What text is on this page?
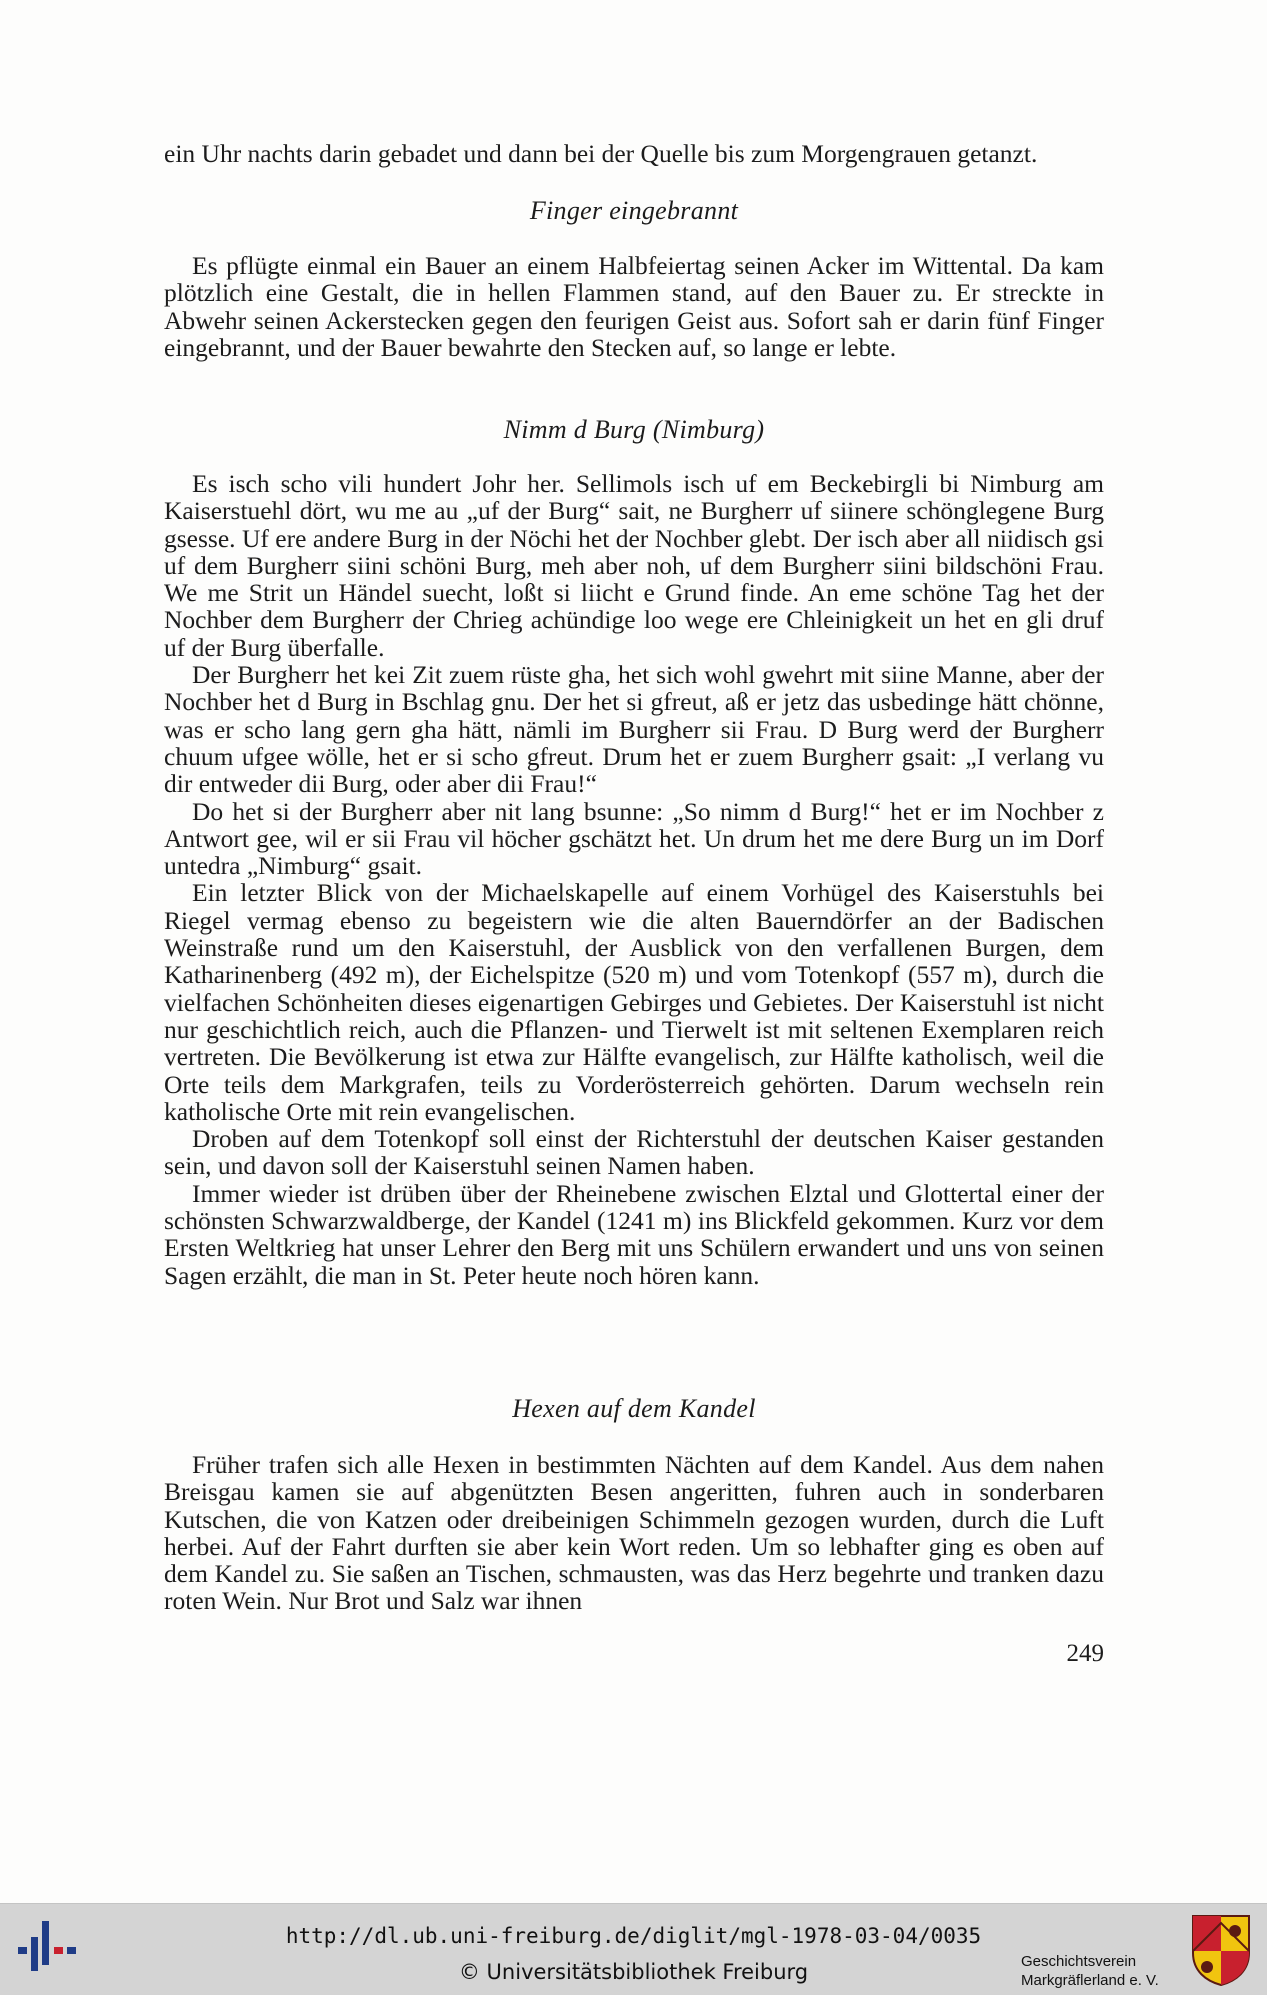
ein Uhr nachts darin gebadet und dann bei der Quelle bis zum Morgengrauen getanzt.

Finger eingebrannt

Es pflügte einmal ein Bauer an einem Halbfeiertag seinen Acker im Wittental. Da kam plötzlich eine Gestalt, die in hellen Flammen stand, auf den Bauer zu. Er streckte in Abwehr seinen Ackerstecken gegen den feurigen Geist aus. Sofort sah er darin fünf Finger eingebrannt, und der Bauer bewahrte den Stecken auf, so lange er lebte.

Nimm d Burg (Nimburg)

Es isch scho vili hundert Johr her. Sellimols isch uf em Beckebirgli bi Nimburg am Kaiserstuehl dört, wu me au „uf der Burg“ sait, ne Burgherr uf siinere schönglegene Burg gsesse. Uf ere andere Burg in der Nöchi het der Nochber glebt. Der isch aber all niidisch gsi uf dem Burgherr siini schöni Burg, meh aber noh, uf dem Burgherr siini bildschöni Frau. We me Strit un Händel suecht, loßt si liicht e Grund finde. An eme schöne Tag het der Nochber dem Burgherr der Chrieg achündige loo wege ere Chleinigkeit un het en gli druf uf der Burg überfalle.

Der Burgherr het kei Zit zuem rüste gha, het sich wohl gwehrt mit siine Manne, aber der Nochber het d Burg in Bschlag gnu. Der het si gfreut, aß er jetz das usbedinge hätt chönne, was er scho lang gern gha hätt, nämli im Burgherr sii Frau. D Burg werd der Burgherr chuum ufgee wölle, het er si scho gfreut. Drum het er zuem Burgherr gsait: „I verlang vu dir entweder dii Burg, oder aber dii Frau!“

Do het si der Burgherr aber nit lang bsunne: „So nimm d Burg!“ het er im Nochber z Antwort gee, wil er sii Frau vil höcher gschätzt het. Un drum het me dere Burg un im Dorf untedra „Nimburg“ gsait.

Ein letzter Blick von der Michaelskapelle auf einem Vorhügel des Kaiserstuhls bei Riegel vermag ebenso zu begeistern wie die alten Bauerndörfer an der Badischen Weinstraße rund um den Kaiserstuhl, der Ausblick von den verfallenen Burgen, dem Katharinenberg (492 m), der Eichelspitze (520 m) und vom Totenkopf (557 m), durch die vielfachen Schönheiten dieses eigenartigen Gebirges und Gebietes. Der Kaiserstuhl ist nicht nur geschichtlich reich, auch die Pflanzen- und Tierwelt ist mit seltenen Exemplaren reich vertreten. Die Bevölkerung ist etwa zur Hälfte evangelisch, zur Hälfte katholisch, weil die Orte teils dem Markgrafen, teils zu Vorderösterreich gehörten. Darum wechseln rein katholische Orte mit rein evangelischen.

Droben auf dem Totenkopf soll einst der Richterstuhl der deutschen Kaiser gestanden sein, und davon soll der Kaiserstuhl seinen Namen haben.

Immer wieder ist drüben über der Rheinebene zwischen Elztal und Glottertal einer der schönsten Schwarzwaldberge, der Kandel (1241 m) ins Blickfeld gekommen. Kurz vor dem Ersten Weltkrieg hat unser Lehrer den Berg mit uns Schülern erwandert und uns von seinen Sagen erzählt, die man in St. Peter heute noch hören kann.

Hexen auf dem Kandel

Früher trafen sich alle Hexen in bestimmten Nächten auf dem Kandel. Aus dem nahen Breisgau kamen sie auf abgenützten Besen angeritten, fuhren auch in sonderbaren Kutschen, die von Katzen oder dreibeinigen Schimmeln gezogen wurden, durch die Luft herbei. Auf der Fahrt durften sie aber kein Wort reden. Um so lebhafter ging es oben auf dem Kandel zu. Sie saßen an Tischen, schmausten, was das Herz begehrte und tranken dazu roten Wein. Nur Brot und Salz war ihnen

249
http://dl.ub.uni-freiburg.de/diglit/mgl-1978-03-04/0035
© Universitätsbibliothek Freiburg	Geschichtsverein
Markgräflerland e. V.
